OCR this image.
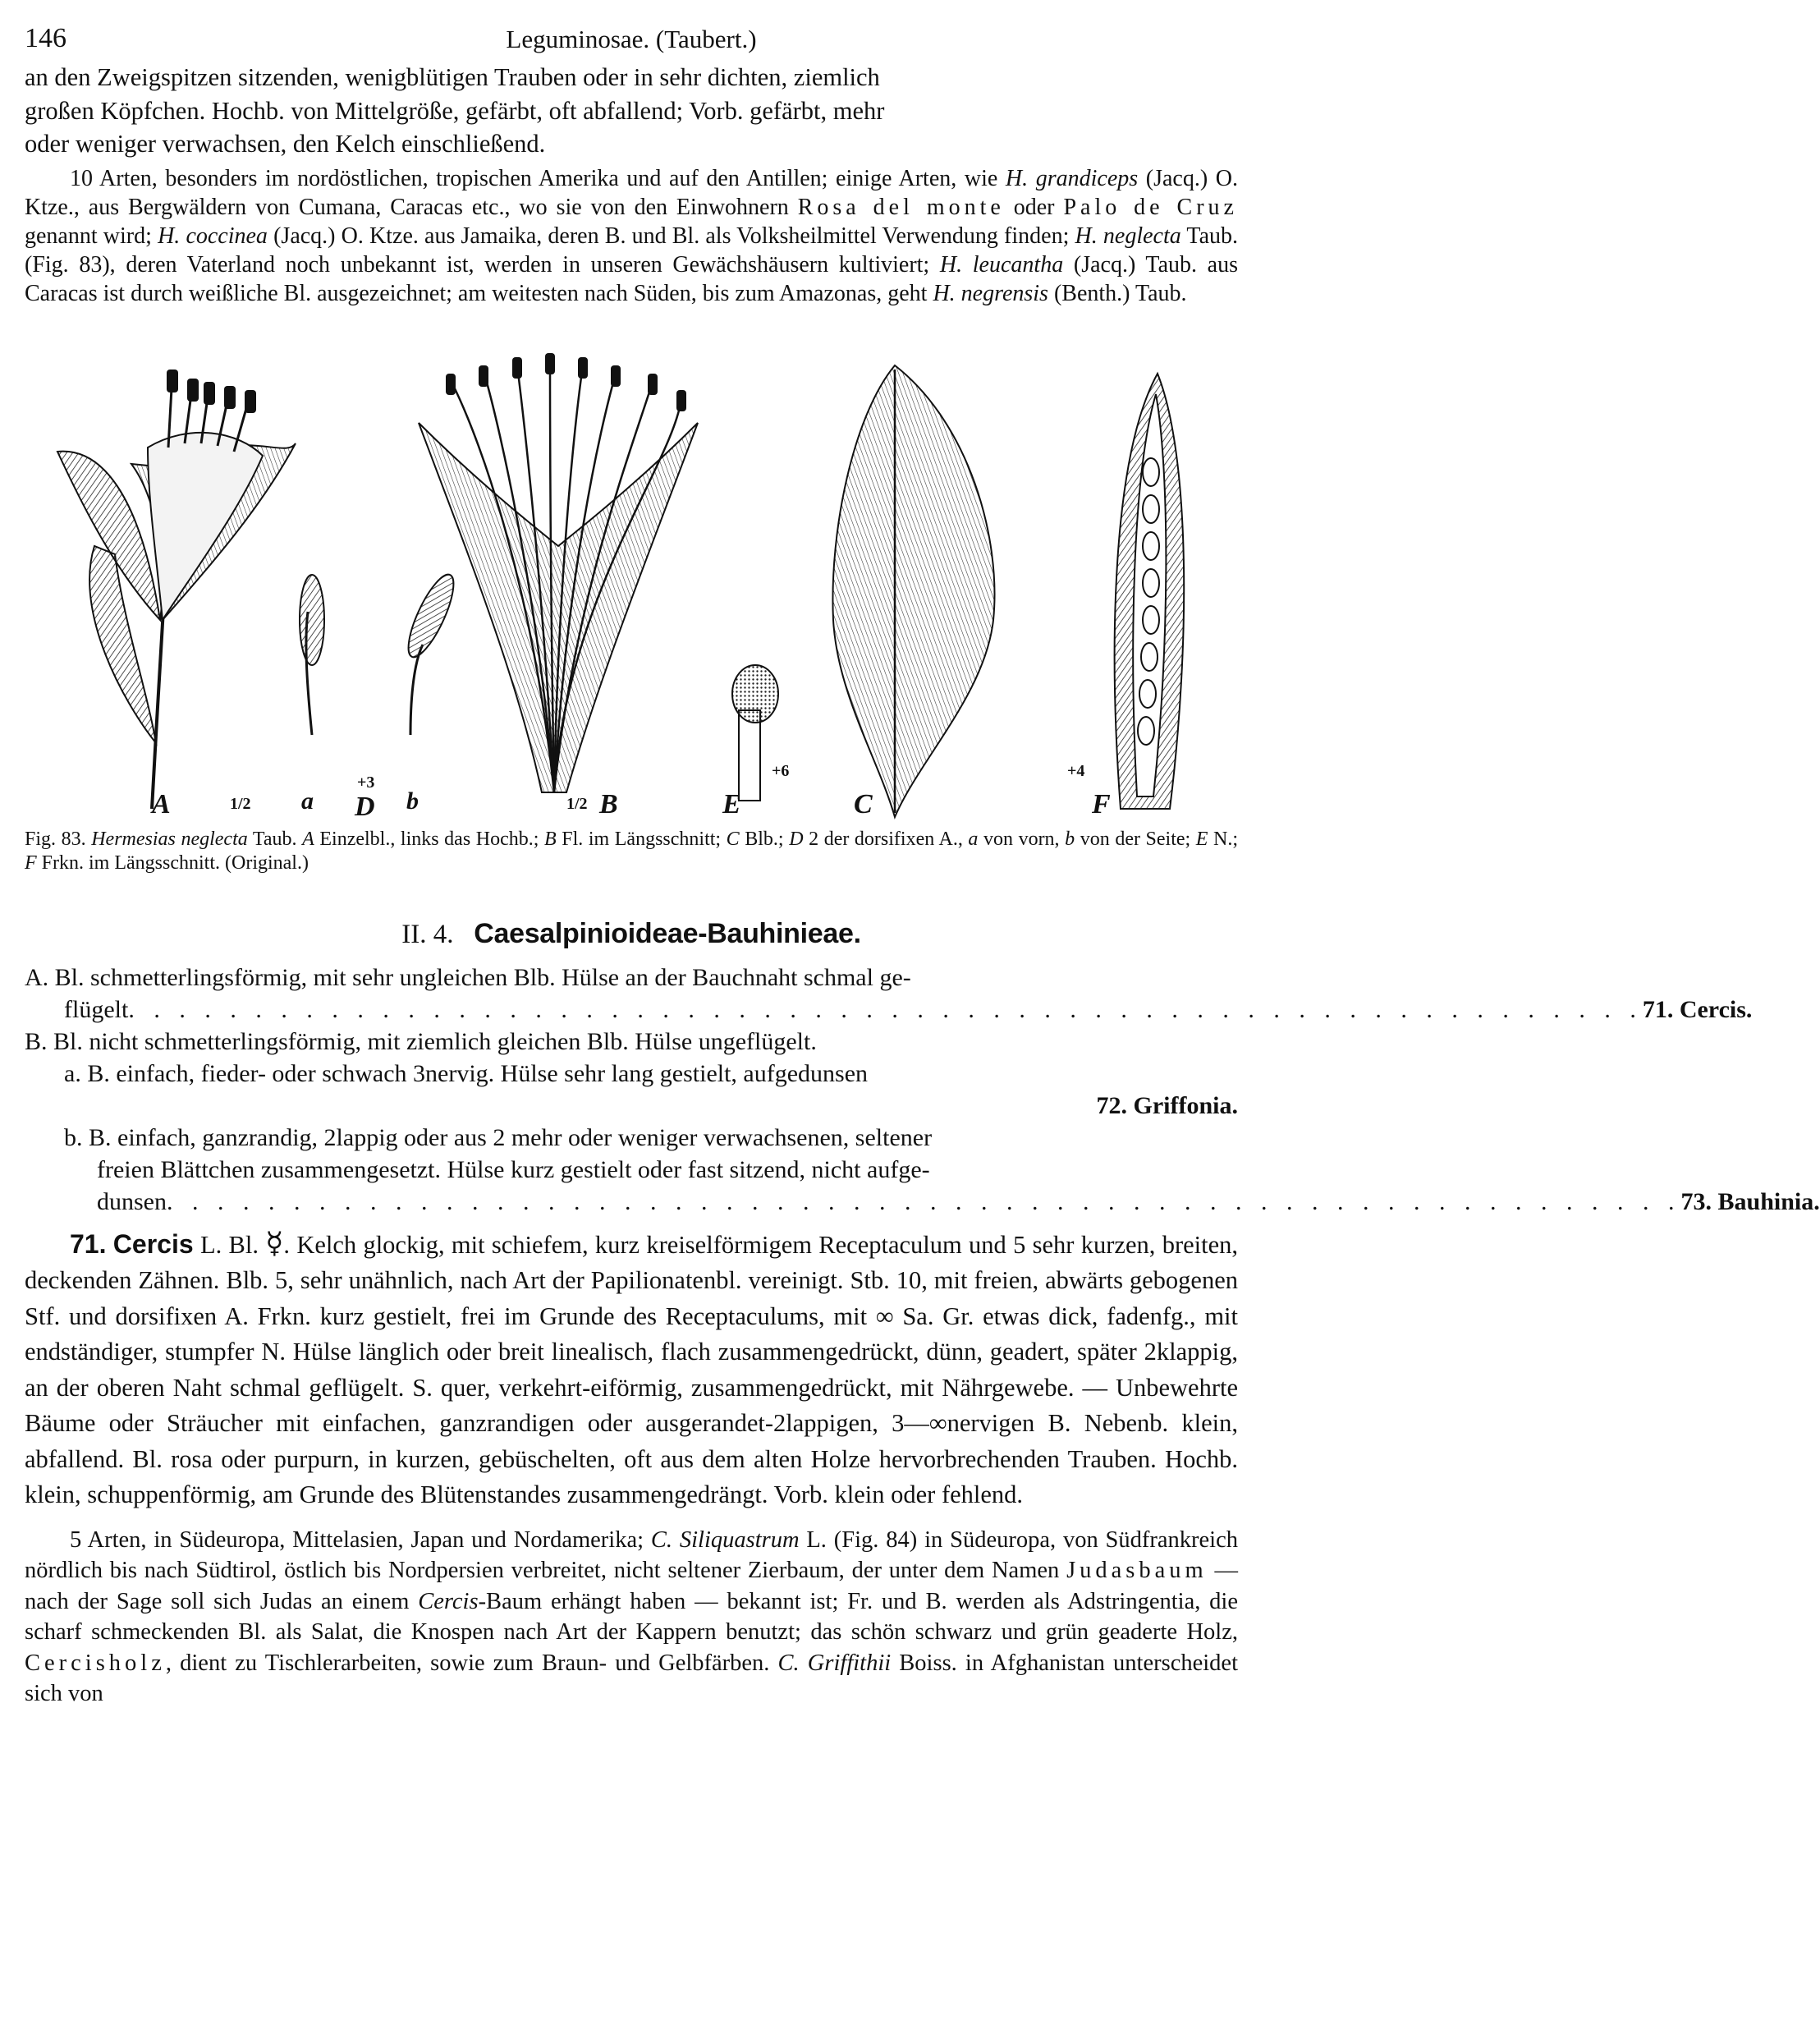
146	Leguminosae. (Taubert.)

an den Zweigspitzen sitzenden, wenigblütigen Trauben oder in sehr dichten, ziemlich

großen Köpfchen. Hochb. von Mittelgröße, gefärbt, oft abfallend; Vorb. gefärbt, mehr

oder weniger verwachsen, den Kelch einschließend.

10 Arten, besonders im nordöstlichen, tropischen Amerika und auf den Antillen; einige Arten, wie H. grandiceps (Jacq.) O. Ktze., aus Bergwäldern von Cumana, Caracas etc., wo sie von den Einwohnern Rosa del monte oder Palo de Cruz genannt wird; H. coccinea (Jacq.) O. Ktze. aus Jamaika, deren B. und Bl. als Volksheilmittel Verwendung finden; H. neglecta Taub. (Fig. 83), deren Vaterland noch unbekannt ist, werden in unseren Gewächshäusern kultiviert; H. leucantha (Jacq.) Taub. aus Caracas ist durch weißliche Bl. ausgezeichnet; am weitesten nach Süden, bis zum Amazonas, geht H. negrensis (Benth.) Taub.

A	1/2 a
+3
D b	1/2 B	E
+6
C
+4
F
Fig. 83. Hermesias neglecta Taub. A Einzelbl., links das Hochb.; B Fl. im Längsschnitt; C Blb.; D 2 der dorsifixen A., a von vorn, b von der Seite; E N.; F Frkn. im Längsschnitt. (Original.)
II. 4. Caesalpinioideae-Bauhinieae.
A. Bl. schmetterlingsförmig, mit sehr ungleichen Blb. Hülse an der Bauchnaht schmal ge-
flügelt . . . . . . . . . . . . . . . . . . . . . . . . . . . . . . . . . . . . . . . . . . . . . . . . . . . . . . . . . . . . 71. Cercis.
B. Bl. nicht schmetterlingsförmig, mit ziemlich gleichen Blb. Hülse ungeflügelt.
a. B. einfach, fieder- oder schwach 3nervig. Hülse sehr lang gestielt, aufgedunsen
72. Griffonia.
b. B. einfach, ganzrandig, 2lappig oder aus 2 mehr oder weniger verwachsenen, seltener
freien Blättchen zusammengesetzt. Hülse kurz gestielt oder fast sitzend, nicht aufge-
dunsen . . . . . . . . . . . . . . . . . . . . . . . . . . . . . . . . . . . . . . . . . . . . . . . . . . . . . . . . . . . . 73. Bauhinia.

71. Cercis L. Bl. ☿. Kelch glockig, mit schiefem, kurz kreiselförmigem Receptaculum und 5 sehr kurzen, breiten, deckenden Zähnen. Blb. 5, sehr unähnlich, nach Art der Papilionatenbl. vereinigt. Stb. 10, mit freien, abwärts gebogenen Stf. und dorsifixen A. Frkn. kurz gestielt, frei im Grunde des Receptaculums, mit ∞ Sa. Gr. etwas dick, fadenfg., mit endständiger, stumpfer N. Hülse länglich oder breit linealisch, flach zusammengedrückt, dünn, geadert, später 2klappig, an der oberen Naht schmal geflügelt. S. quer, verkehrt-eiförmig, zusammengedrückt, mit Nährgewebe. — Unbewehrte Bäume oder Sträucher mit einfachen, ganzrandigen oder ausgerandet-2lappigen, 3—∞nervigen B. Nebenb. klein, abfallend. Bl. rosa oder purpurn, in kurzen, gebüschelten, oft aus dem alten Holze hervorbrechenden Trauben. Hochb. klein, schuppenförmig, am Grunde des Blütenstandes zusammengedrängt. Vorb. klein oder fehlend.

5 Arten, in Südeuropa, Mittelasien, Japan und Nordamerika; C. Siliquastrum L. (Fig. 84) in Südeuropa, von Südfrankreich nördlich bis nach Südtirol, östlich bis Nordpersien verbreitet, nicht seltener Zierbaum, der unter dem Namen Judasbaum — nach der Sage soll sich Judas an einem Cercis-Baum erhängt haben — bekannt ist; Fr. und B. werden als Adstringentia, die scharf schmeckenden Bl. als Salat, die Knospen nach Art der Kappern benutzt; das schön schwarz und grün geaderte Holz, Cercisholz, dient zu Tischlerarbeiten, sowie zum Braun- und Gelbfärben. C. Griffithii Boiss. in Afghanistan unterscheidet sich von
